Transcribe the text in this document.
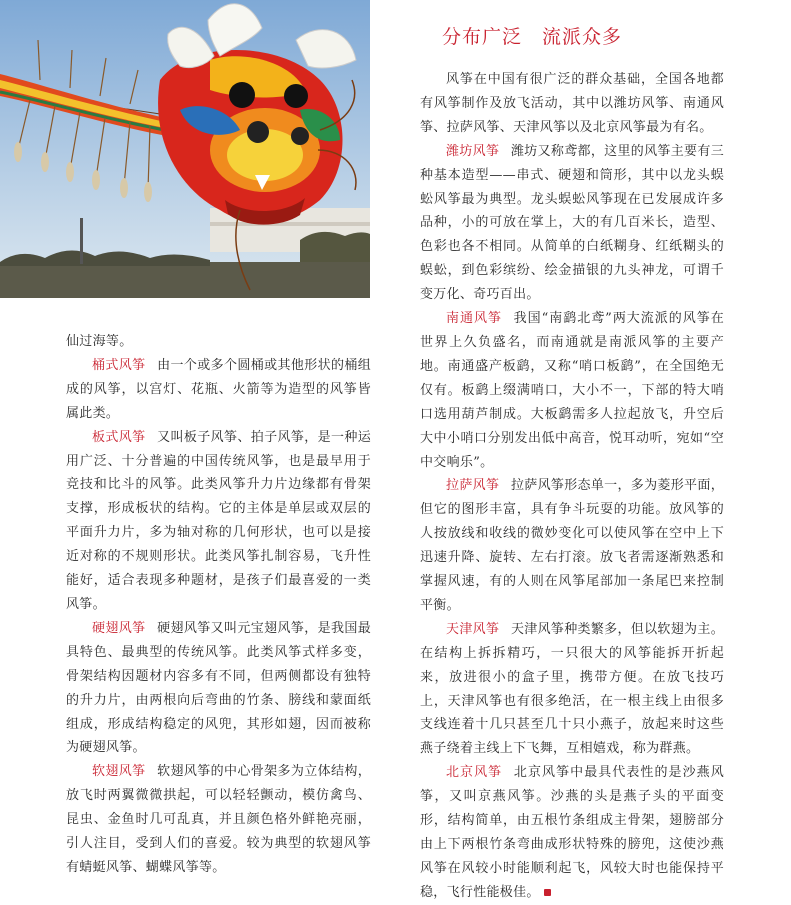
分布广泛　流派众多

仙过海等。

桶式风筝 由一个或多个圆桶或其他形状的桶组成的风筝，以宫灯、花瓶、火箭等为造型的风筝皆属此类。

板式风筝 又叫板子风筝、拍子风筝，是一种运用广泛、十分普遍的中国传统风筝，也是最早用于竞技和比斗的风筝。此类风筝升力片边缘都有骨架支撑，形成板状的结构。它的主体是单层或双层的平面升力片，多为轴对称的几何形状，也可以是接近对称的不规则形状。此类风筝扎制容易，飞升性能好，适合表现多种题材，是孩子们最喜爱的一类风筝。

硬翅风筝 硬翅风筝又叫元宝翅风筝，是我国最具特色、最典型的传统风筝。此类风筝式样多变，骨架结构因题材内容多有不同，但两侧都设有独特的升力片，由两根向后弯曲的竹条、膀线和蒙面纸组成，形成结构稳定的风兜，其形如翅，因而被称为硬翅风筝。

软翅风筝 软翅风筝的中心骨架多为立体结构，放飞时两翼微微拱起，可以轻轻颤动，模仿禽鸟、昆虫、金鱼时几可乱真，并且颜色格外鲜艳亮丽，引人注目，受到人们的喜爱。较为典型的软翅风筝有蜻蜓风筝、蝴蝶风筝等。

风筝在中国有很广泛的群众基础，全国各地都有风筝制作及放飞活动，其中以潍坊风筝、南通风筝、拉萨风筝、天津风筝以及北京风筝最为有名。

潍坊风筝 潍坊又称鸢都，这里的风筝主要有三种基本造型——串式、硬翅和筒形，其中以龙头蜈蚣风筝最为典型。龙头蜈蚣风筝现在已发展成许多品种，小的可放在掌上，大的有几百米长，造型、色彩也各不相同。从简单的白纸糊身、红纸糊头的蜈蚣，到色彩缤纷、绘金描银的九头神龙，可谓千变万化、奇巧百出。

南通风筝 我国“南鹞北鸢”两大流派的风筝在世界上久负盛名，而南通就是南派风筝的主要产地。南通盛产板鹞，又称“哨口板鹞”，在全国绝无仅有。板鹞上缀满哨口，大小不一，下部的特大哨口选用葫芦制成。大板鹞需多人拉起放飞，升空后大中小哨口分别发出低中高音，悦耳动听，宛如“空中交响乐”。

拉萨风筝 拉萨风筝形态单一，多为菱形平面，但它的图形丰富，具有争斗玩耍的功能。放风筝的人按放线和收线的微妙变化可以使风筝在空中上下迅速升降、旋转、左右打滚。放飞者需逐渐熟悉和掌握风速，有的人则在风筝尾部加一条尾巴来控制平衡。

天津风筝 天津风筝种类繁多，但以软翅为主。在结构上拆拆精巧，一只很大的风筝能拆开折起来，放进很小的盒子里，携带方便。在放飞技巧上，天津风筝也有很多绝活，在一根主线上由很多支线连着十几只甚至几十只小燕子，放起来时这些燕子绕着主线上下飞舞，互相嬉戏，称为群燕。

北京风筝 北京风筝中最具代表性的是沙燕风筝，又叫京燕风筝。沙燕的头是燕子头的平面变形，结构简单，由五根竹条组成主骨架，翅膀部分由上下两根竹条弯曲成形状特殊的膀兜，这使沙燕风筝在风较小时能顺利起飞，风较大时也能保持平稳，飞行性能极佳。
